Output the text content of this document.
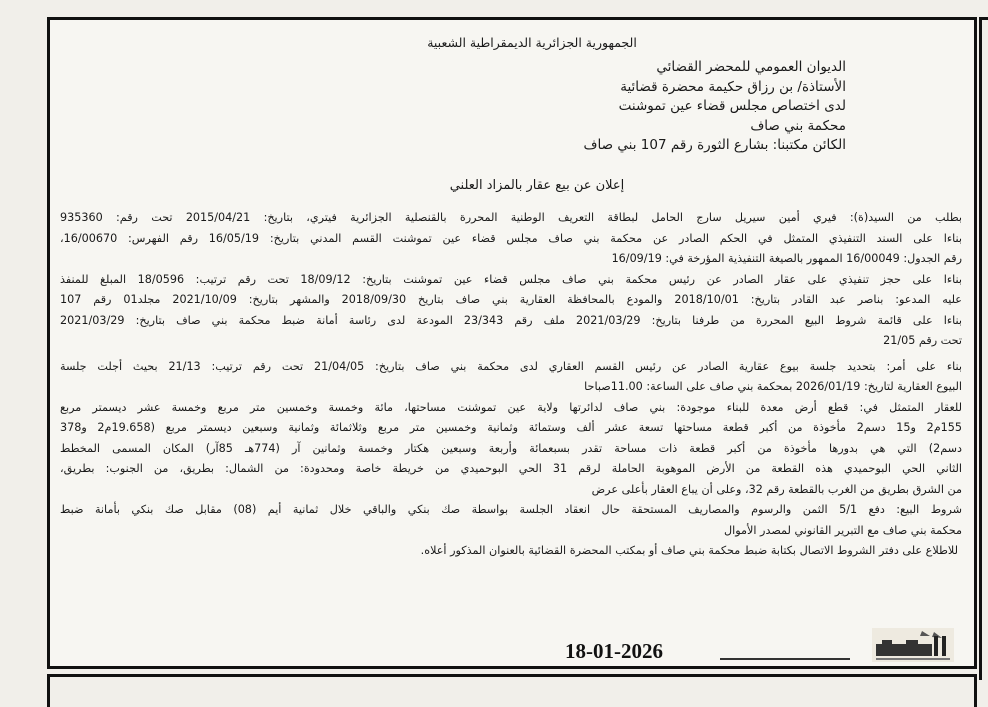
الجمهورية الجزائرية الديمقراطية الشعبية
الديوان العمومي للمحضر القضائي
الأستاذة/ بن رزاق حكيمة محضرة قضائية
لدى اختصاص مجلس قضاء عين تموشنت
محكمة بني صاف
الكائن مكتبنا: بشارع الثورة رقم 107 بني صاف
إعلان عن بيع عقار بالمزاد العلني
بطلب من السيد(ة): فيري أمين سيريل سارج الحامل لبطاقة التعريف الوطنية المحررة بالقنصلية الجزائرية فيتري، بتاريخ: 2015/04/21 تحت رقم: 935360
بناءا على السند التنفيذي المتمثل في الحكم الصادر عن محكمة بني صاف مجلس قضاء عين تموشنت القسم المدني بتاريخ: 16/05/19 رقم الفهرس: 16/00670،
رقم الجدول: 16/00049 الممهور بالصيغة التنفيذية المؤرخة في: 16/09/19
بناءا على حجز تنفيذي على عقار الصادر عن رئيس محكمة بني صاف مجلس قضاء عين تموشنت بتاريخ: 18/09/12 تحت رقم ترتيب: 18/0596 المبلغ للمنفذ
عليه المدعو: بناصر عبد القادر بتاريخ: 2018/10/01 والمودع بالمحافظة العقارية بني صاف بتاريخ 2018/09/30 والمشهر بتاريخ: 2021/10/09 مجلد01 رقم 107
بناءا على قائمة شروط البيع المحررة من طرفنا بتاريخ: 2021/03/29 ملف رقم 23/343 المودعة لدى رئاسة أمانة ضبط محكمة بني صاف بتاريخ: 2021/03/29
تحت رقم 21/05
بناء على أمر: بتحديد جلسة بيوع عقارية الصادر عن رئيس القسم العقاري لدى محكمة بني صاف بتاريخ: 21/04/05 تحت رقم ترتيب: 21/13 بحيث أجلت جلسة
البيوع العقارية لتاريخ: 2026/01/19 بمحكمة بني صاف على الساعة: 11.00صباحا
للعقار المتمثل في: قطع أرض معدة للبناء موجودة: بني صاف لدائرتها ولاية عين تموشنت مساحتها، مائة وخمسة وخمسين متر مربع وخمسة عشر ديسمتر مربع
155م2 و15 دسم2 مأخوذة من أكبر قطعة مساحتها تسعة عشر ألف وستمائة وثمانية وخمسين متر مربع وثلاثمائة وثمانية وسبعين ديسمتر مربع (19.658م2 و378
دسم2) التي هي بدورها مأخوذة من أكبر قطعة ذات مساحة تقدر بسبعمائة وأربعة وسبعين هكتار وخمسة وثمانين آر (774هـ 85آر) المكان المسمى المخطط
الثاني الحي البوحميدي هذه القطعة من الأرض الموهوبة الحاملة لرقم 31 الحي البوحميدي من خريطة خاصة ومحدودة: من الشمال: بطريق، من الجنوب: بطريق،
من الشرق بطريق من الغرب بالقطعة رقم 32، وعلى أن يباع العقار بأعلى عرض
شروط البيع: دفع 5/1 الثمن والرسوم والمصاريف المستحقة حال انعقاد الجلسة بواسطة صك بنكي والباقي خلال ثمانية أيم (08) مقابل صك بنكي بأمانة ضبط
محكمة بني صاف مع التبرير القانوني لمصدر الأموال
للاطلاع على دفتر الشروط الاتصال بكتابة ضبط محكمة بني صاف أو بمكتب المحضرة القضائية بالعنوان المذكور أعلاه.
18-01-2026
